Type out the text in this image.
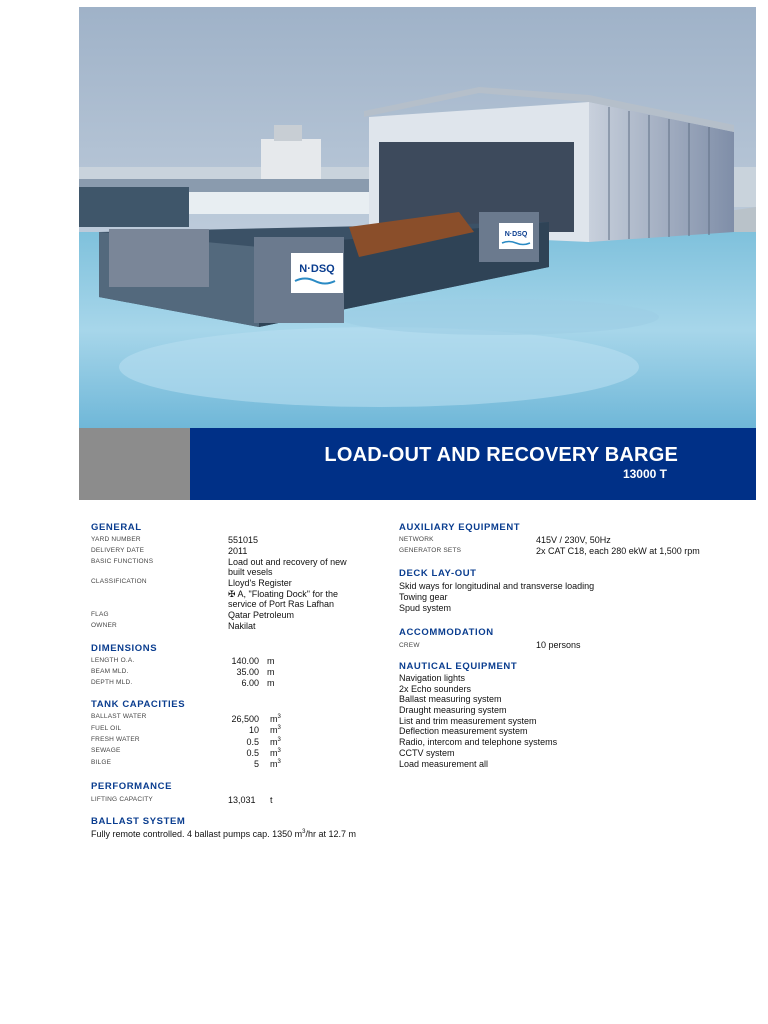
N·DSQ
N·DSQ
LOAD-OUT AND RECOVERY BARGE
13000 T
GENERAL
YARD NUMBER	551015
DELIVERY DATE	2011
BASIC FUNCTIONS	Load out and recovery of new
built vesels
CLASSIFICATION	Lloyd's Register
✠ A, "Floating Dock" for the
service of Port Ras Lafhan
FLAG	Qatar Petroleum
OWNER	Nakilat
DIMENSIONS
LENGTH O.A.	140.00 m
BEAM MLD.	35.00 m
DEPTH MLD.	6.00 m
TANK CAPACITIES
BALLAST WATER	26,500 $m^3$
FUEL OIL	10 $m^3$
FRESH WATER	0.5 $m^3$
SEWAGE	0.5 $m^3$
BILGE	5 $m^3$
PERFORMANCE
LIFTING CAPACITY	13,031 t
BALLAST SYSTEM
Fully remote controlled. 4 ballast pumps cap. 1350 $m^3/hr$ at 12.7 m
AUXILIARY EQUIPMENT
NETWORK	415V / 230V, 50Hz
GENERATOR SETS	2x CAT C18, each 280 ekW at 1,500 rpm
DECK LAY-OUT
Skid ways for longitudinal and transverse loading
Towing gear
Spud system
ACCOMMODATION
CREW	10 persons
NAUTICAL EQUIPMENT
Navigation lights
2x Echo sounders
Ballast measuring system
Draught measuring system
List and trim measurement system
Deflection measurement system
Radio, intercom and telephone systems
CCTV system
Load measurement all
